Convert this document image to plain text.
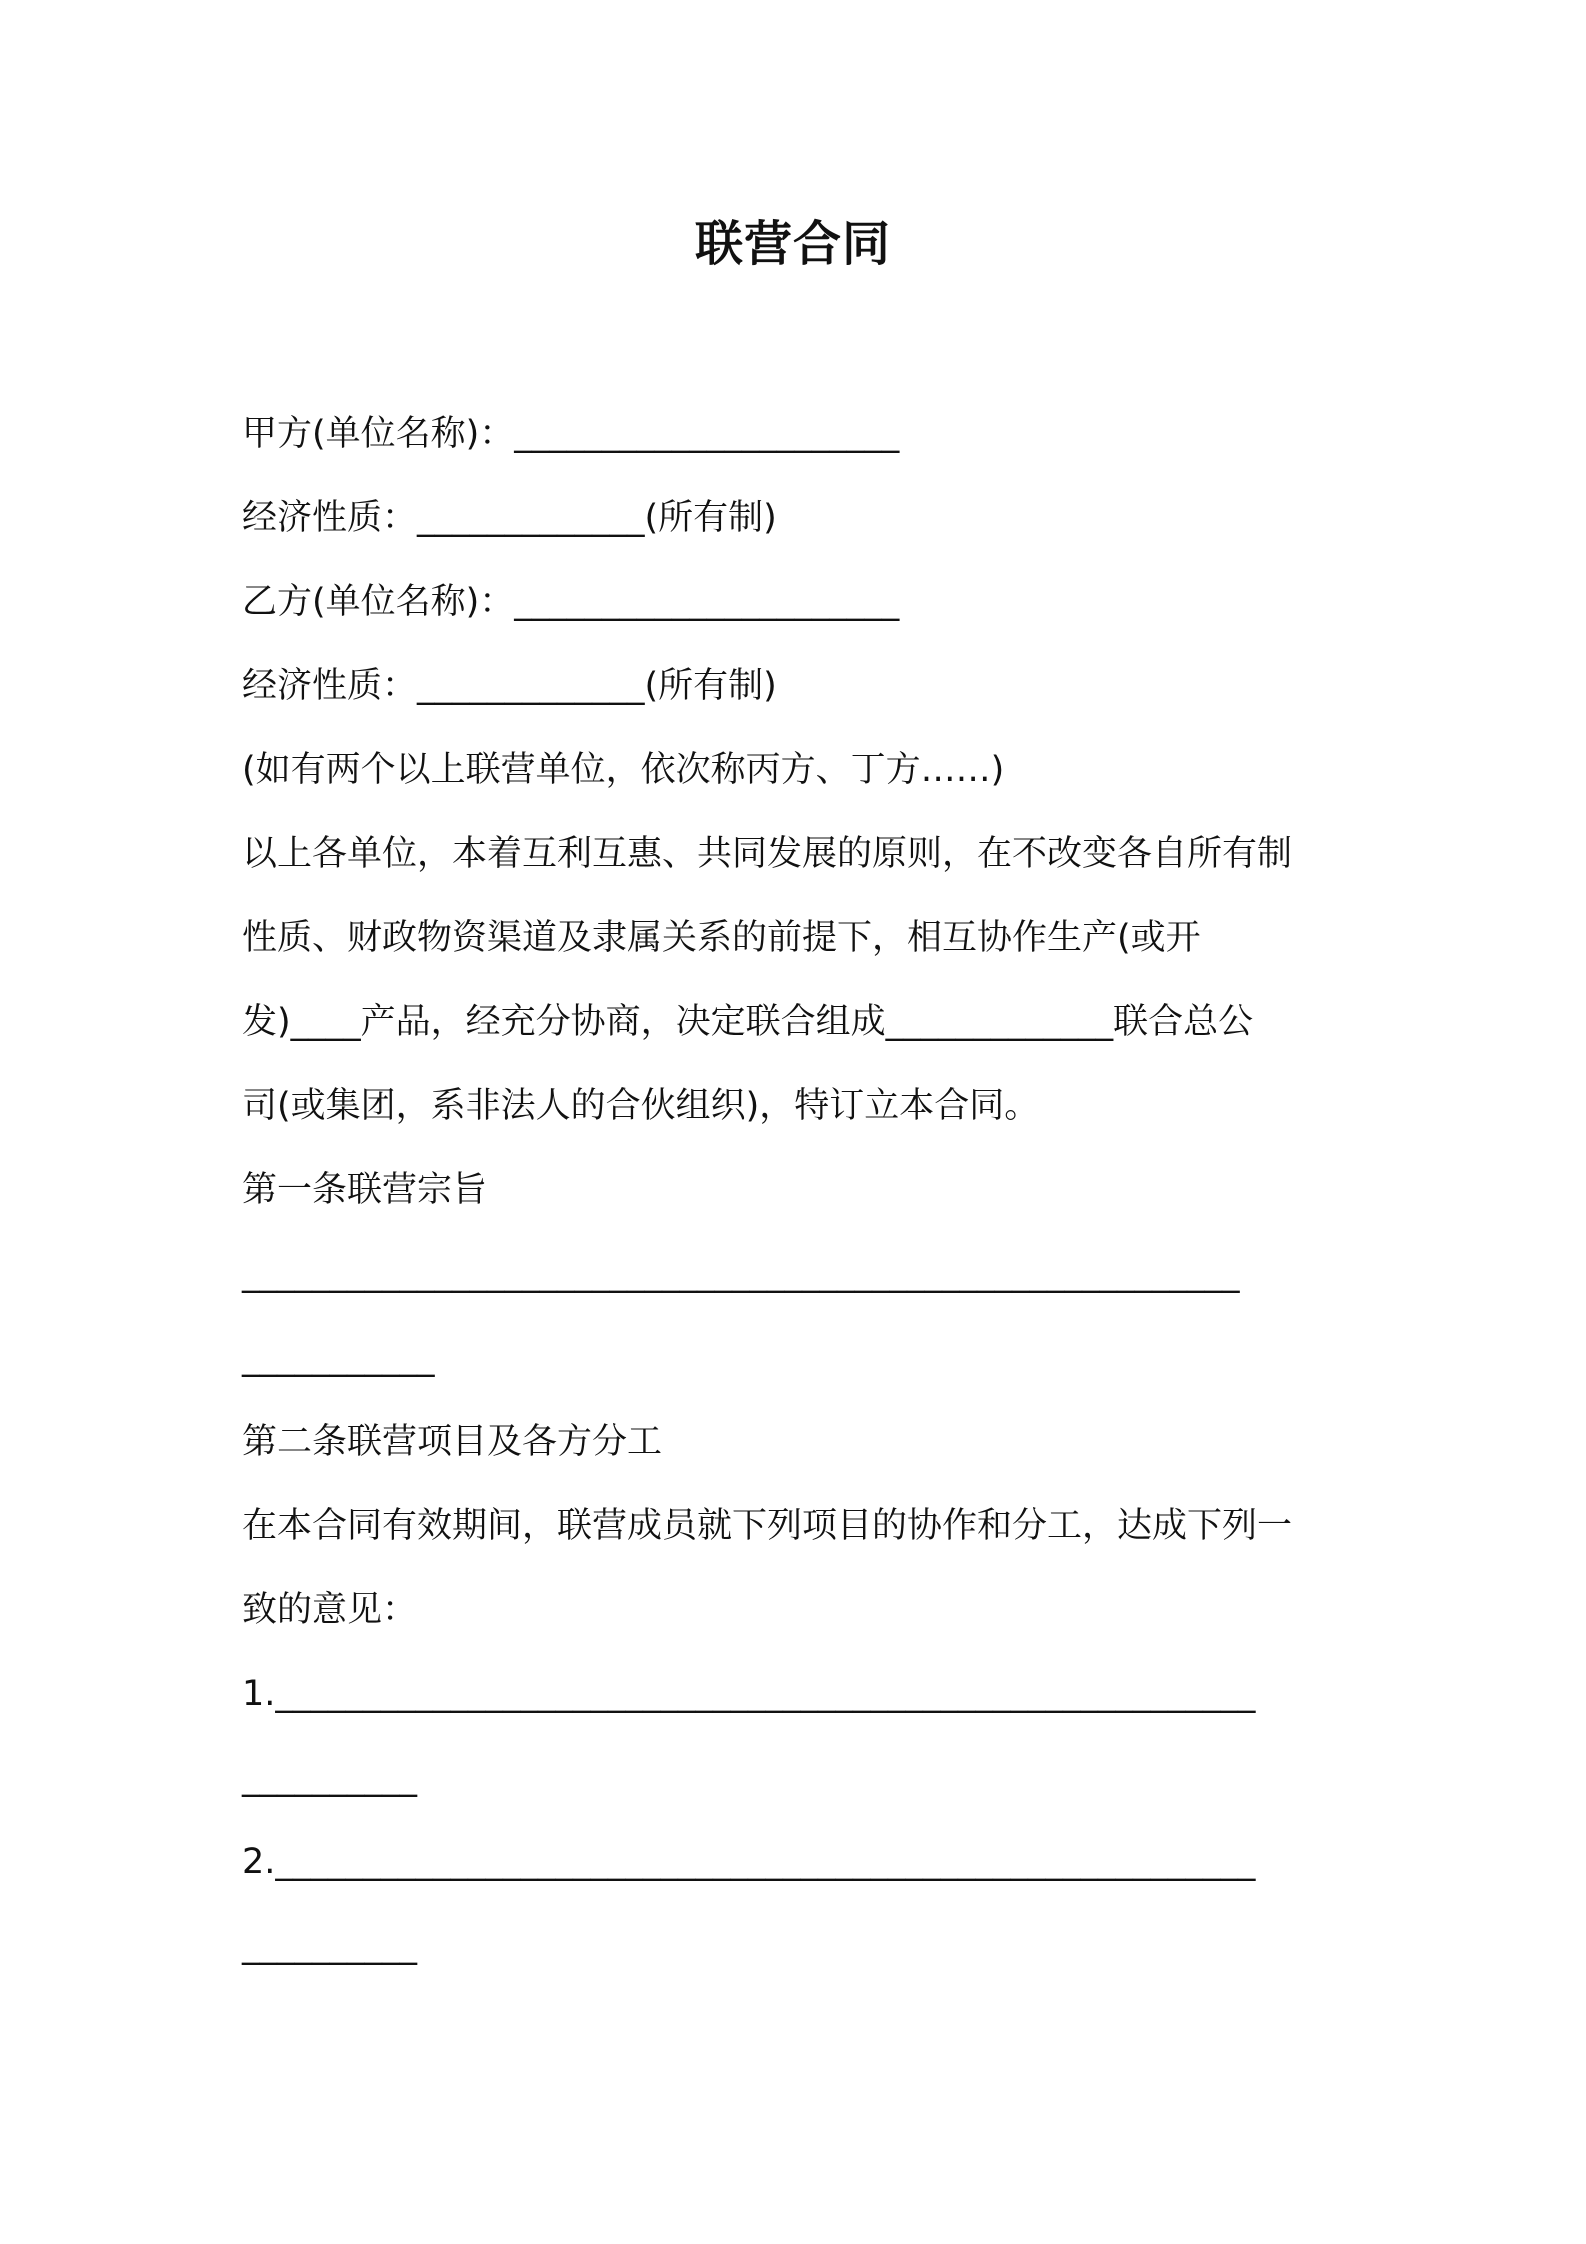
联营合同
甲方(单位名称)：______________________
经济性质：_____________(所有制)
乙方(单位名称)：______________________
经济性质：_____________(所有制)
(如有两个以上联营单位，依次称丙方、丁方……)
以上各单位，本着互利互惠、共同发展的原则，在不改变各自所有制
性质、财政物资渠道及隶属关系的前提下，相互协作生产(或开
发)____产品，经充分协商，决定联合组成_____________联合总公
司(或集团，系非法人的合伙组织)，特订立本合同。
第一条联营宗旨
_________________________________________________________
___________
第二条联营项目及各方分工
在本合同有效期间，联营成员就下列项目的协作和分工，达成下列一
致的意见：
1.________________________________________________________
__________
2.________________________________________________________
__________
